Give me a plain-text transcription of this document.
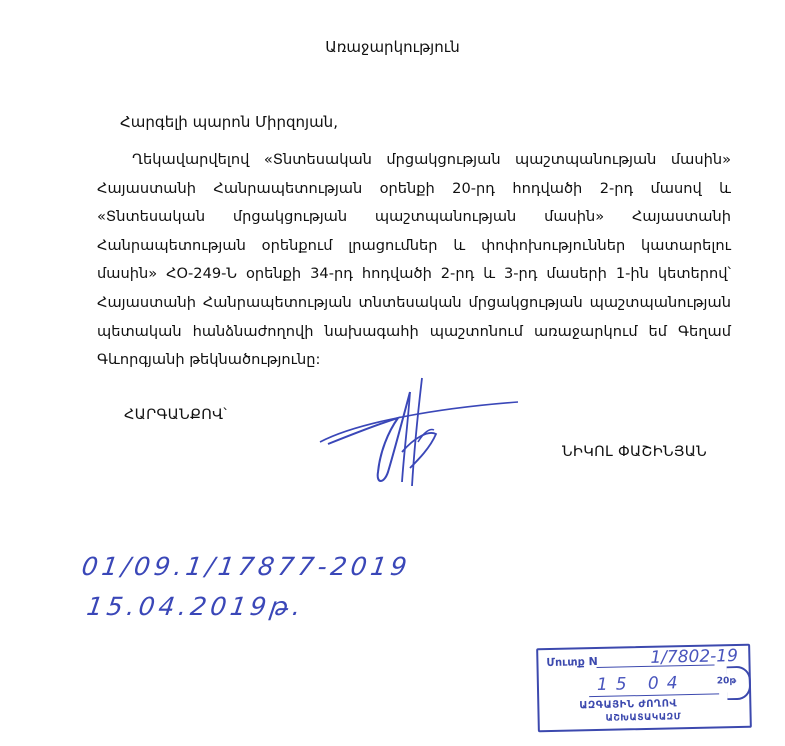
Առաջարկություն
Հարգելի պարոն Միրզոյան,

Ղեկավարվելով «Տնտեսական մրցակցության պաշտպանության մասին» Հայաստանի Հանրապետության օրենքի 20-րդ հոդվածի 2-րդ մասով և «Տնտեսական մրցակցության պաշտպանության մասին» Հայաստանի Հանրապետության օրենքում լրացումներ և փոփոխություններ կատարելու մասին» ՀՕ-249-Ն օրենքի 34-րդ հոդվածի 2-րդ և 3-րդ մասերի 1-ին կետերով՝ Հայաստանի Հանրապետության տնտեսական մրցակցության պաշտպանության պետական հանձնաժողովի նախագահի պաշտոնում առաջարկում եմ Գեղամ Գևորգյանի թեկնածությունը:

ՀԱՐԳԱՆՔՈՎ՝
ՆԻԿՈԼ ՓԱՇԻՆՅԱՆ
01/09.1/17877-2019
15.04.2019թ.
Մուտք N	1/7802-19
15 04	20թ
ԱԶԳԱՅԻՆ ԺՈՂՈՎ
ԱՇԽԱՏԱԿԱԶՄ
